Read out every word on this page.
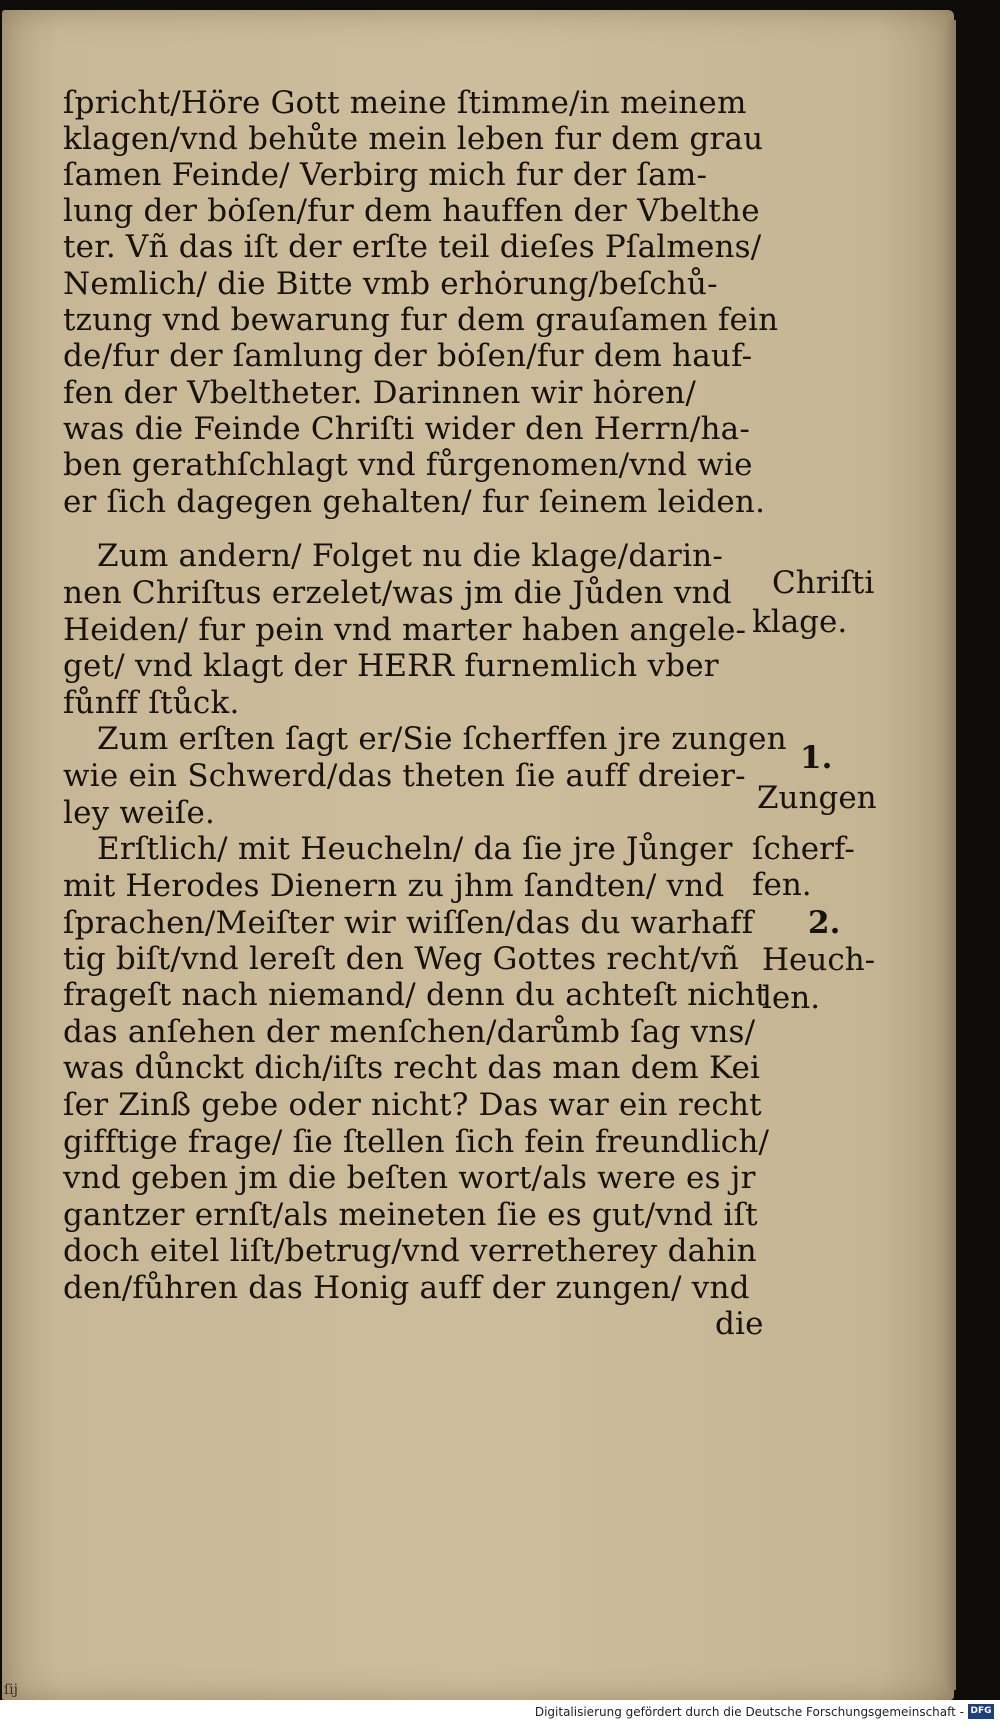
ſpricht/Höre Gott meine ſtimme/in meinem
klagen/vnd behůte mein leben fur dem grau
ſamen Feinde/ Verbirg mich fur der ſam-
lung der bȯſen/fur dem hauffen der Vbelthe
ter. Vñ das iſt der erſte teil dieſes Pſalmens/
Nemlich/ die Bitte vmb erhȯrung/beſchů-
tzung vnd bewarung fur dem grauſamen fein
de/fur der ſamlung der bȯſen/fur dem hauf-
fen der Vbeltheter. Darinnen wir hȯren/
was die Feinde Chriſti wider den Herrn/ha-
ben gerathſchlagt vnd fůrgenomen/vnd wie
er ſich dagegen gehalten/ fur ſeinem leiden.
Zum andern/ Folget nu die klage/darin-
nen Chriſtus erzelet/was jm die Jůden vnd
Heiden/ fur pein vnd marter haben angele-
get/ vnd klagt der HERR furnemlich vber
fůnff ſtůck.
Zum erſten ſagt er/Sie ſcherffen jre zungen
wie ein Schwerd/das theten ſie auff dreier-
ley weiſe.
Erſtlich/ mit Heucheln/ da ſie jre Jůnger
mit Herodes Dienern zu jhm ſandten/ vnd
ſprachen/Meiſter wir wiſſen/das du warhaff
tig biſt/vnd lereſt den Weg Gottes recht/vñ
frageſt nach niemand/ denn du achteſt nicht
das anſehen der menſchen/darůmb ſag vns/
was důnckt dich/iſts recht das man dem Kei
ſer Zinß gebe oder nicht? Das war ein recht
gifftige frage/ ſie ſtellen ſich fein freundlich/
vnd geben jm die beſten wort/als were es jr
gantzer ernſt/als meineten ſie es gut/vnd iſt
doch eitel liſt/betrug/vnd verretherey dahin
den/fůhren das Honig auff der zungen/ vnd
die
Chriſti
klage.
1.
Zungen
ſcherf-
fen.
2.
Heuch-
len.
ſij
Digitalisierung gefördert durch die Deutsche Forschungsgemeinschaft - DFG
